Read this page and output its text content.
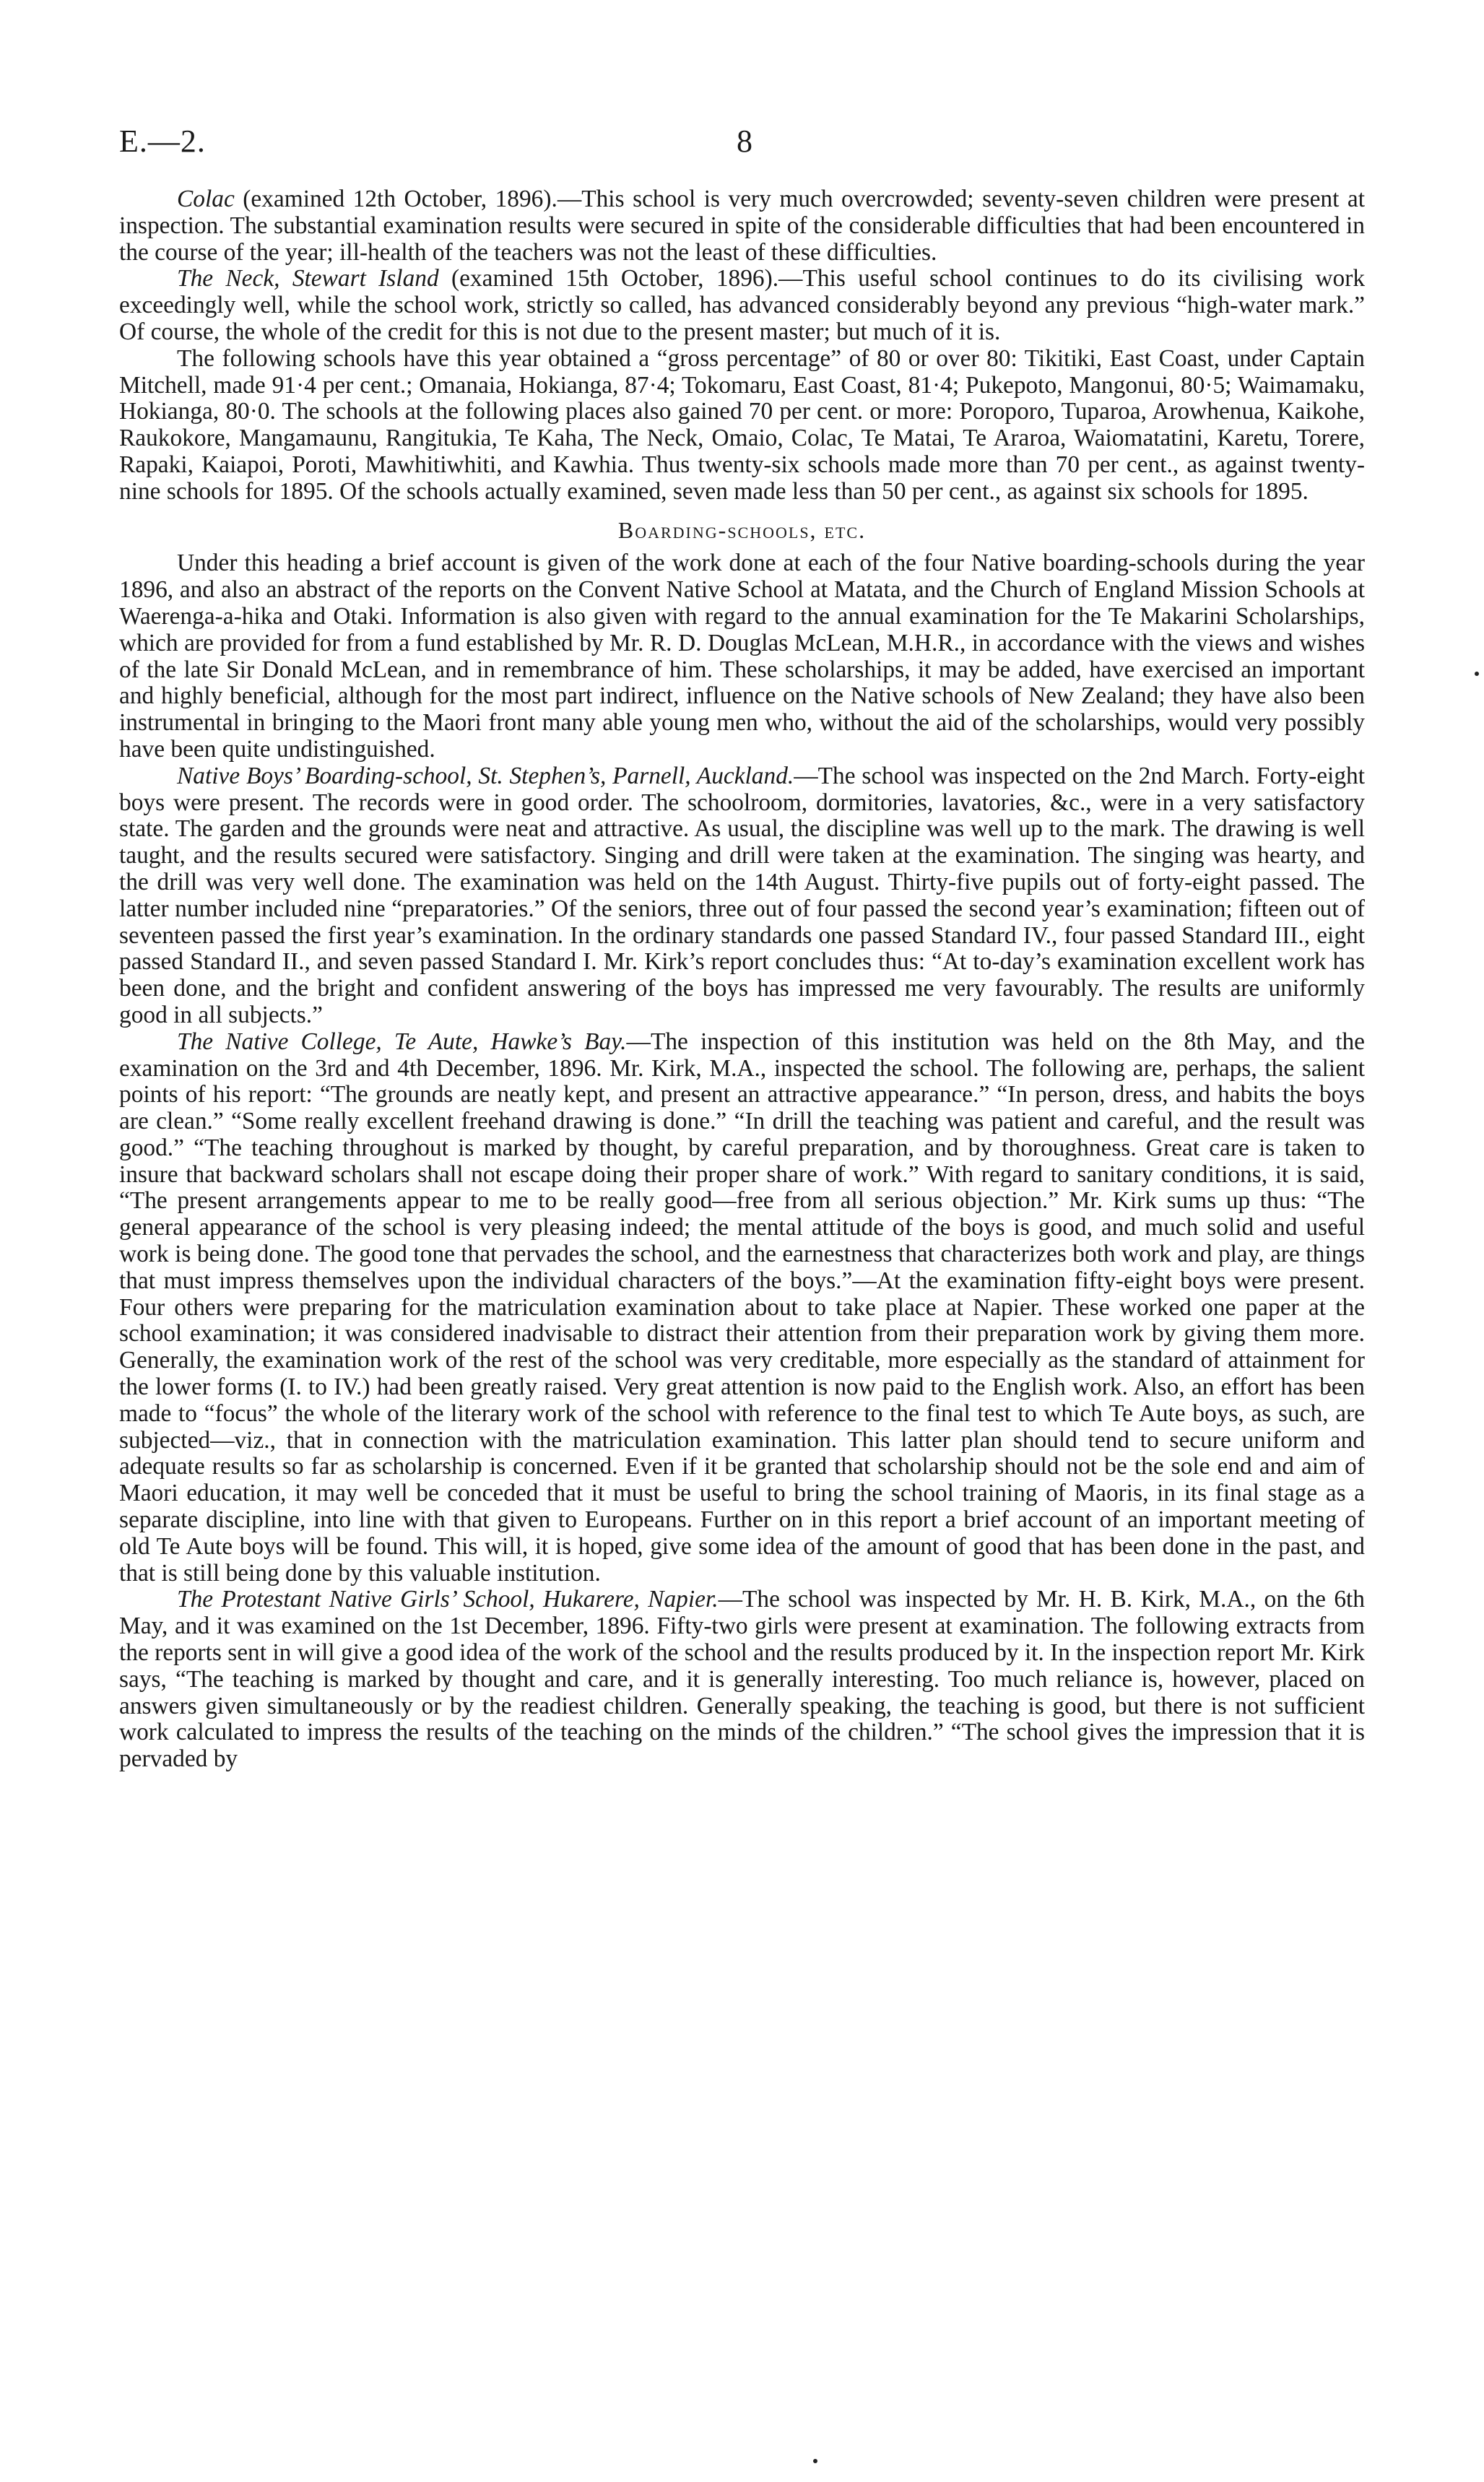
E.—2.	8

Colac (examined 12th October, 1896).—This school is very much overcrowded; seventy-seven children were present at inspection. The substantial examination results were secured in spite of the considerable difficulties that had been encountered in the course of the year; ill-health of the teachers was not the least of these difficulties.

The Neck, Stewart Island (examined 15th October, 1896).—This useful school continues to do its civilising work exceedingly well, while the school work, strictly so called, has advanced considerably beyond any previous “high-water mark.” Of course, the whole of the credit for this is not due to the present master; but much of it is.

The following schools have this year obtained a “gross percentage” of 80 or over 80: Tikitiki, East Coast, under Captain Mitchell, made 91·4 per cent.; Omanaia, Hokianga, 87·4; Tokomaru, East Coast, 81·4; Pukepoto, Mangonui, 80·5; Waimamaku, Hokianga, 80·0. The schools at the following places also gained 70 per cent. or more: Poroporo, Tuparoa, Arowhenua, Kaikohe, Raukokore, Mangamaunu, Rangitukia, Te Kaha, The Neck, Omaio, Colac, Te Matai, Te Araroa, Waiomatatini, Karetu, Torere, Rapaki, Kaiapoi, Poroti, Mawhitiwhiti, and Kawhia. Thus twenty-six schools made more than 70 per cent., as against twenty-nine schools for 1895. Of the schools actually examined, seven made less than 50 per cent., as against six schools for 1895.

Boarding-schools, etc.

Under this heading a brief account is given of the work done at each of the four Native boarding-schools during the year 1896, and also an abstract of the reports on the Convent Native School at Matata, and the Church of England Mission Schools at Waerenga-a-hika and Otaki. Information is also given with regard to the annual examination for the Te Makarini Scholarships, which are provided for from a fund established by Mr. R. D. Douglas McLean, M.H.R., in accordance with the views and wishes of the late Sir Donald McLean, and in remembrance of him. These scholarships, it may be added, have exercised an important and highly beneficial, although for the most part indirect, influence on the Native schools of New Zealand; they have also been instrumental in bringing to the Maori front many able young men who, without the aid of the scholarships, would very possibly have been quite undistinguished.

Native Boys’ Boarding-school, St. Stephen’s, Parnell, Auckland.—The school was inspected on the 2nd March. Forty-eight boys were present. The records were in good order. The schoolroom, dormitories, lavatories, &c., were in a very satisfactory state. The garden and the grounds were neat and attractive. As usual, the discipline was well up to the mark. The drawing is well taught, and the results secured were satisfactory. Singing and drill were taken at the examination. The singing was hearty, and the drill was very well done. The examination was held on the 14th August. Thirty-five pupils out of forty-eight passed. The latter number included nine “preparatories.” Of the seniors, three out of four passed the second year’s examination; fifteen out of seventeen passed the first year’s examination. In the ordinary standards one passed Standard IV., four passed Standard III., eight passed Standard II., and seven passed Standard I. Mr. Kirk’s report concludes thus: “At to-day’s examination excellent work has been done, and the bright and confident answering of the boys has impressed me very favourably. The results are uniformly good in all subjects.”

The Native College, Te Aute, Hawke’s Bay.—The inspection of this institution was held on the 8th May, and the examination on the 3rd and 4th December, 1896. Mr. Kirk, M.A., inspected the school. The following are, perhaps, the salient points of his report: “The grounds are neatly kept, and present an attractive appearance.” “In person, dress, and habits the boys are clean.” “Some really excellent freehand drawing is done.” “In drill the teaching was patient and careful, and the result was good.” “The teaching throughout is marked by thought, by careful preparation, and by thoroughness. Great care is taken to insure that backward scholars shall not escape doing their proper share of work.” With regard to sanitary conditions, it is said, “The present arrangements appear to me to be really good—free from all serious objection.” Mr. Kirk sums up thus: “The general appearance of the school is very pleasing indeed; the mental attitude of the boys is good, and much solid and useful work is being done. The good tone that pervades the school, and the earnestness that characterizes both work and play, are things that must impress themselves upon the individual characters of the boys.”—At the examination fifty-eight boys were present. Four others were preparing for the matriculation examination about to take place at Napier. These worked one paper at the school examination; it was considered inadvisable to distract their attention from their preparation work by giving them more. Generally, the examination work of the rest of the school was very creditable, more especially as the standard of attainment for the lower forms (I. to IV.) had been greatly raised. Very great attention is now paid to the English work. Also, an effort has been made to “focus” the whole of the literary work of the school with reference to the final test to which Te Aute boys, as such, are subjected—viz., that in connection with the matriculation examination. This latter plan should tend to secure uniform and adequate results so far as scholarship is concerned. Even if it be granted that scholarship should not be the sole end and aim of Maori education, it may well be conceded that it must be useful to bring the school training of Maoris, in its final stage as a separate discipline, into line with that given to Europeans. Further on in this report a brief account of an important meeting of old Te Aute boys will be found. This will, it is hoped, give some idea of the amount of good that has been done in the past, and that is still being done by this valuable institution.

The Protestant Native Girls’ School, Hukarere, Napier.—The school was inspected by Mr. H. B. Kirk, M.A., on the 6th May, and it was examined on the 1st December, 1896. Fifty-two girls were present at examination. The following extracts from the reports sent in will give a good idea of the work of the school and the results produced by it. In the inspection report Mr. Kirk says, “The teaching is marked by thought and care, and it is generally interesting. Too much reliance is, however, placed on answers given simultaneously or by the readiest children. Generally speaking, the teaching is good, but there is not sufficient work calculated to impress the results of the teaching on the minds of the children.” “The school gives the impression that it is pervaded by
